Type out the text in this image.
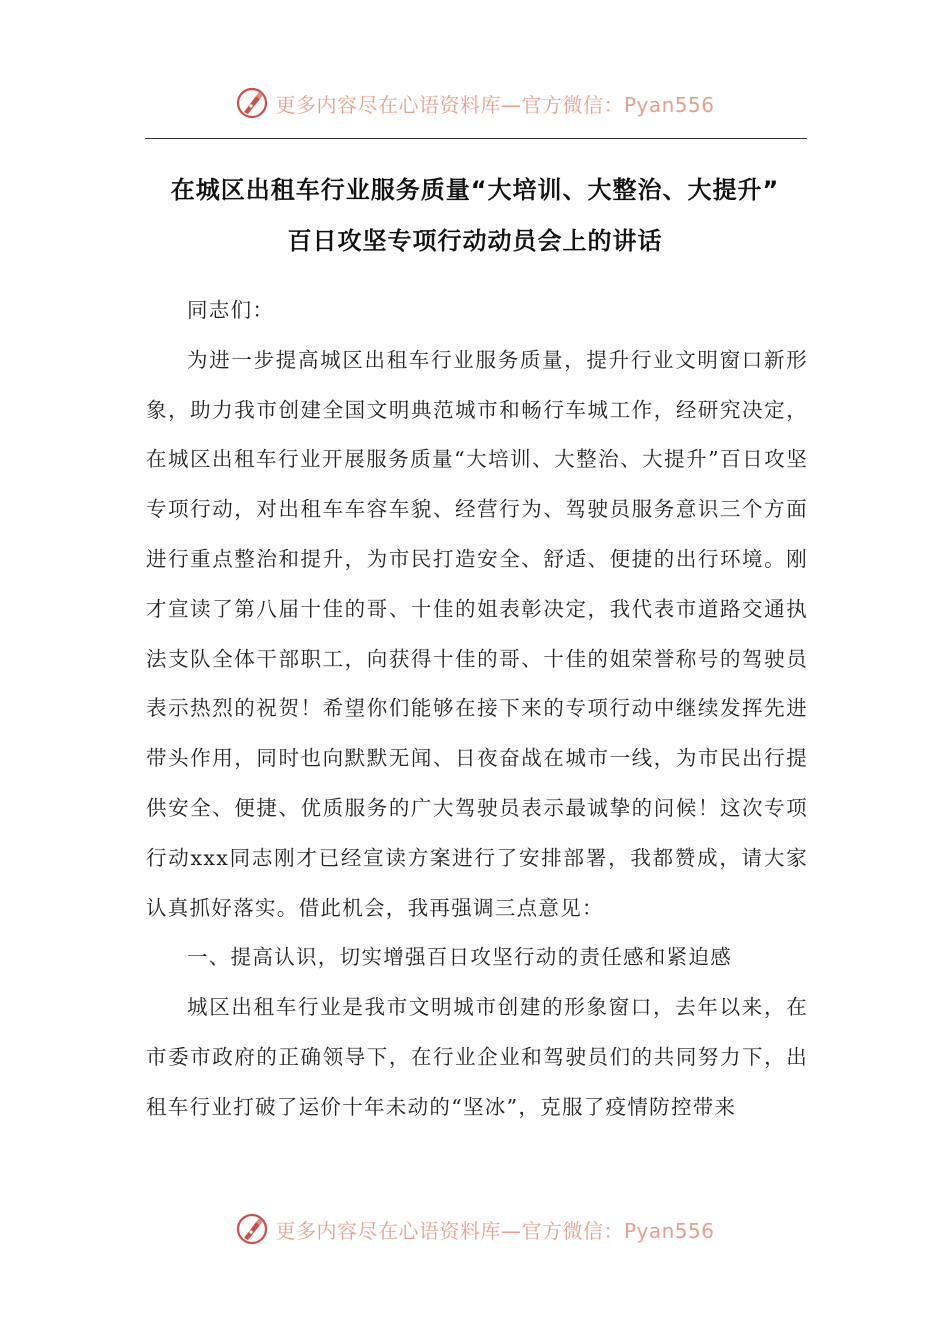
更多内容尽在心语资料库—官方微信：Pyan556
在城区出租车行业服务质量“大培训、大整治、大提升”
百日攻坚专项行动动员会上的讲话

同志们：

为进一步提高城区出租车行业服务质量，提升行业文明窗口新形象，助力我市创建全国文明典范城市和畅行车城工作，经研究决定，在城区出租车行业开展服务质量“大培训、大整治、大提升”百日攻坚专项行动，对出租车车容车貌、经营行为、驾驶员服务意识三个方面进行重点整治和提升，为市民打造安全、舒适、便捷的出行环境。刚才宣读了第八届十佳的哥、十佳的姐表彰决定，我代表市道路交通执法支队全体干部职工，向获得十佳的哥、十佳的姐荣誉称号的驾驶员表示热烈的祝贺！希望你们能够在接下来的专项行动中继续发挥先进带头作用，同时也向默默无闻、日夜奋战在城市一线，为市民出行提供安全、便捷、优质服务的广大驾驶员表示最诚挚的问候！这次专项行动xxx同志刚才已经宣读方案进行了安排部署，我都赞成，请大家认真抓好落实。借此机会，我再强调三点意见：

一、提高认识，切实增强百日攻坚行动的责任感和紧迫感

城区出租车行业是我市文明城市创建的形象窗口，去年以来，在市委市政府的正确领导下，在行业企业和驾驶员们的共同努力下，出租车行业打破了运价十年未动的“坚冰”，克服了疫情防控带来

更多内容尽在心语资料库—官方微信：Pyan556
